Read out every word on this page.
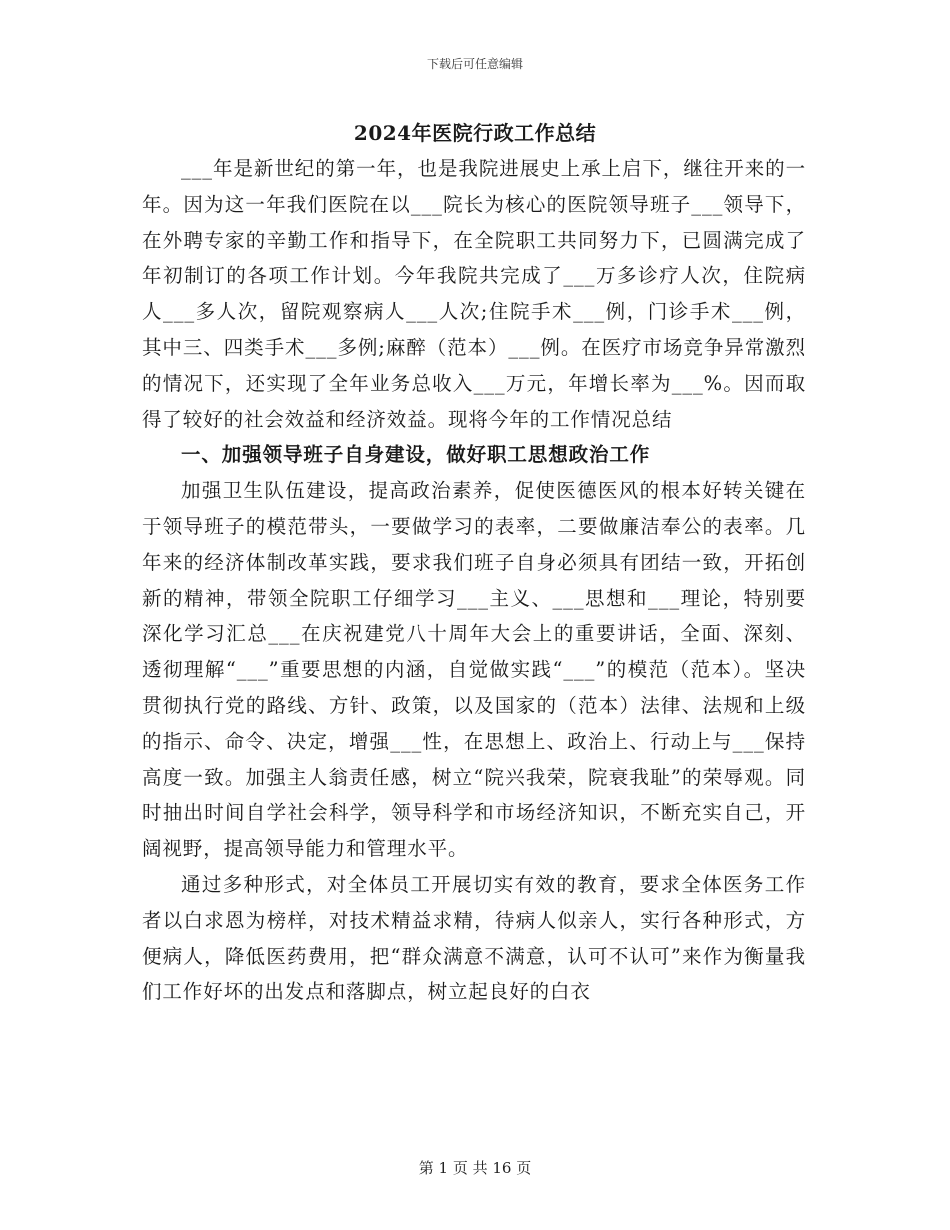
下载后可任意编辑
2024年医院行政工作总结

___年是新世纪的第一年，也是我院进展史上承上启下，继往开来的一年。因为这一年我们医院在以___院长为核心的医院领导班子___领导下，在外聘专家的辛勤工作和指导下，在全院职工共同努力下，已圆满完成了年初制订的各项工作计划。今年我院共完成了___万多诊疗人次，住院病人___多人次，留院观察病人___人次;住院手术___例，门诊手术___例，其中三、四类手术___多例;麻醉（范本）___例。在医疗市场竞争异常激烈的情况下，还实现了全年业务总收入___万元，年增长率为___%。因而取得了较好的社会效益和经济效益。现将今年的工作情况总结

一、加强领导班子自身建设，做好职工思想政治工作

加强卫生队伍建设，提高政治素养，促使医德医风的根本好转关键在于领导班子的模范带头，一要做学习的表率，二要做廉洁奉公的表率。几年来的经济体制改革实践，要求我们班子自身必须具有团结一致，开拓创新的精神，带领全院职工仔细学习___主义、___思想和___理论，特别要深化学习汇总___在庆祝建党八十周年大会上的重要讲话，全面、深刻、透彻理解“___”重要思想的内涵，自觉做实践“___”的模范（范本）。坚决贯彻执行党的路线、方针、政策，以及国家的（范本）法律、法规和上级的指示、命令、决定，增强___性，在思想上、政治上、行动上与___保持高度一致。加强主人翁责任感，树立“院兴我荣，院衰我耻”的荣辱观。同时抽出时间自学社会科学，领导科学和市场经济知识，不断充实自己，开阔视野，提高领导能力和管理水平。

通过多种形式，对全体员工开展切实有效的教育，要求全体医务工作者以白求恩为榜样，对技术精益求精，待病人似亲人，实行各种形式，方便病人，降低医药费用，把“群众满意不满意，认可不认可”来作为衡量我们工作好坏的出发点和落脚点，树立起良好的白衣

第 1 页 共 16 页
